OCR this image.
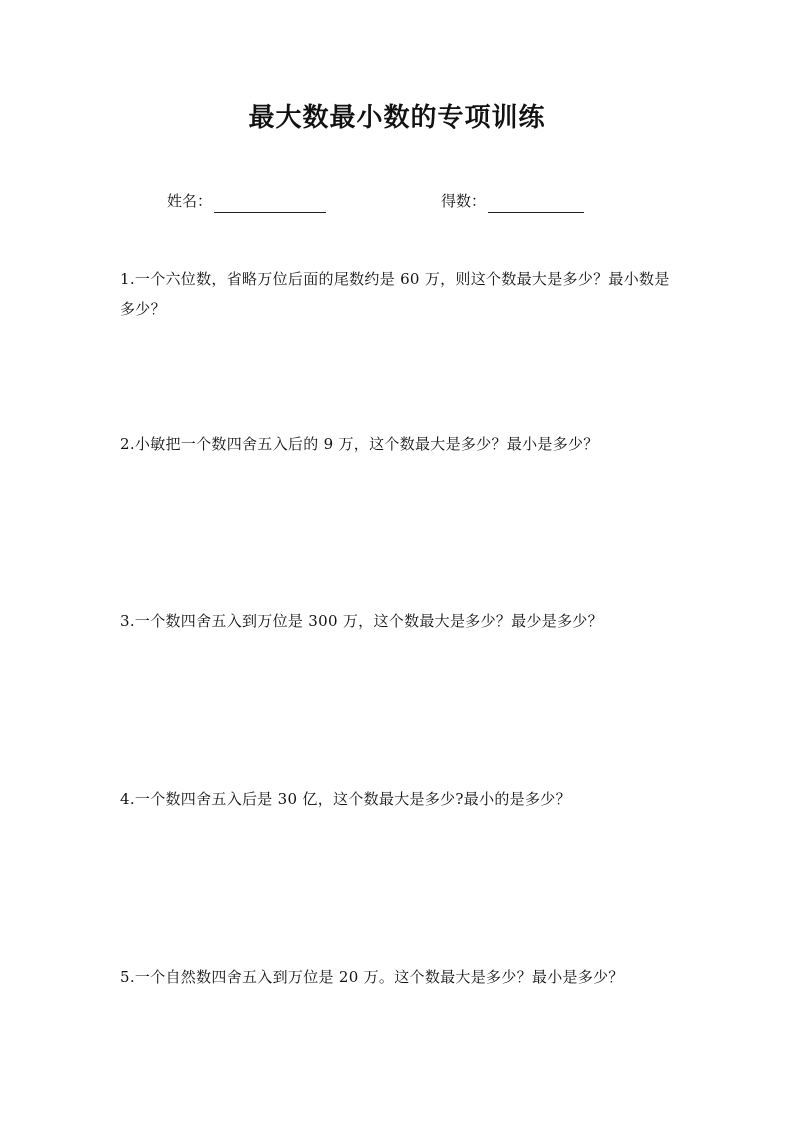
最大数最小数的专项训练
姓名：	得数：
1.一个六位数，省略万位后面的尾数约是 60 万，则这个数最大是多少？最小数是多少？
2.小敏把一个数四舍五入后的 9 万，这个数最大是多少？最小是多少？
3.一个数四舍五入到万位是 300 万，这个数最大是多少？最少是多少？
4.一个数四舍五入后是 30 亿，这个数最大是多少?最小的是多少？
5.一个自然数四舍五入到万位是 20 万。这个数最大是多少？最小是多少？
